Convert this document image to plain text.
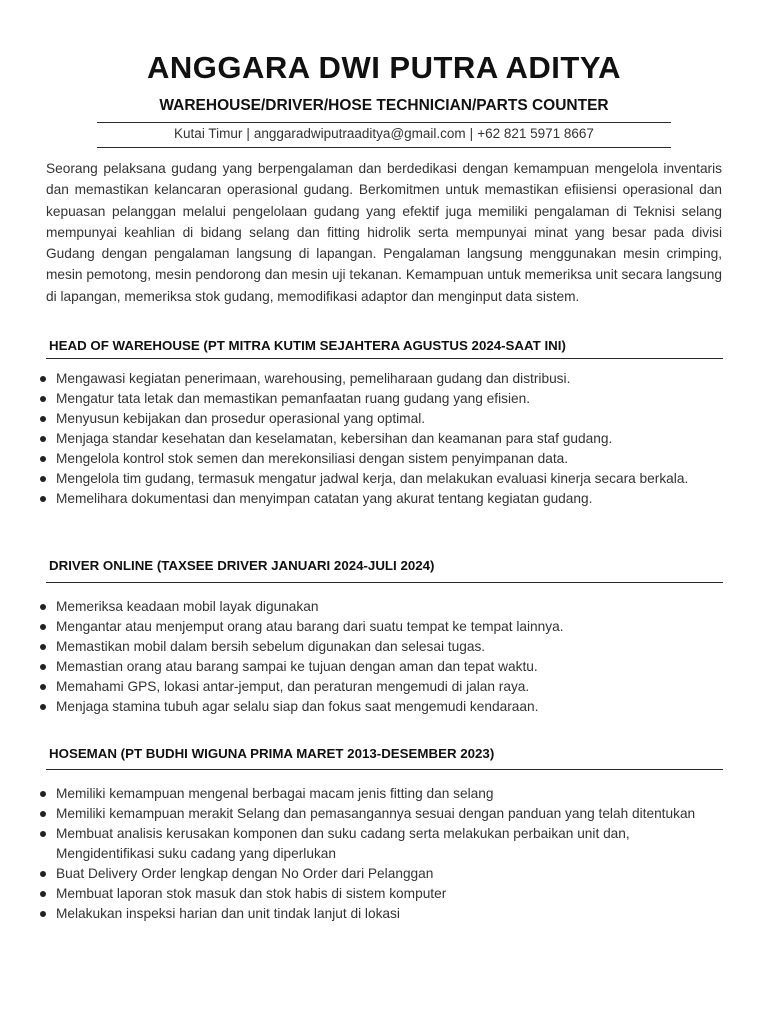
ANGGARA DWI PUTRA ADITYA
WAREHOUSE/DRIVER/HOSE TECHNICIAN/PARTS COUNTER
Kutai Timur | anggaradwiputraaditya@gmail.com | +62 821 5971 8667

Seorang pelaksana gudang yang berpengalaman dan berdedikasi dengan kemampuan mengelola inventaris dan memastikan kelancaran operasional gudang. Berkomitmen untuk memastikan efiisiensi operasional dan kepuasan pelanggan melalui pengelolaan gudang yang efektif juga memiliki pengalaman di Teknisi selang mempunyai keahlian di bidang selang dan fitting hidrolik serta mempunyai minat yang besar pada divisi Gudang dengan pengalaman langsung di lapangan. Pengalaman langsung menggunakan mesin crimping, mesin pemotong, mesin pendorong dan mesin uji tekanan. Kemampuan untuk memeriksa unit secara langsung di lapangan, memeriksa stok gudang, memodifikasi adaptor dan menginput data sistem.

HEAD OF WAREHOUSE (PT MITRA KUTIM SEJAHTERA AGUSTUS 2024-SAAT INI)
Mengawasi kegiatan penerimaan, warehousing, pemeliharaan gudang dan distribusi.
Mengatur tata letak dan memastikan pemanfaatan ruang gudang yang efisien.
Menyusun kebijakan dan prosedur operasional yang optimal.
Menjaga standar kesehatan dan keselamatan, kebersihan dan keamanan para staf gudang.
Mengelola kontrol stok semen dan merekonsiliasi dengan sistem penyimpanan data.
Mengelola tim gudang, termasuk mengatur jadwal kerja, dan melakukan evaluasi kinerja secara berkala.
Memelihara dokumentasi dan menyimpan catatan yang akurat tentang kegiatan gudang.
DRIVER ONLINE (TAXSEE DRIVER JANUARI 2024-JULI 2024)
Memeriksa keadaan mobil layak digunakan
Mengantar atau menjemput orang atau barang dari suatu tempat ke tempat lainnya.
Memastikan mobil dalam bersih sebelum digunakan dan selesai tugas.
Memastian orang atau barang sampai ke tujuan dengan aman dan tepat waktu.
Memahami GPS, lokasi antar-jemput, dan peraturan mengemudi di jalan raya.
Menjaga stamina tubuh agar selalu siap dan fokus saat mengemudi kendaraan.
HOSEMAN (PT BUDHI WIGUNA PRIMA MARET 2013-DESEMBER 2023)
Memiliki kemampuan mengenal berbagai macam jenis fitting dan selang
Memiliki kemampuan merakit Selang dan pemasangannya sesuai dengan panduan yang telah ditentukan
Membuat analisis kerusakan komponen dan suku cadang serta melakukan perbaikan unit dan, Mengidentifikasi suku cadang yang diperlukan
Buat Delivery Order lengkap dengan No Order dari Pelanggan
Membuat laporan stok masuk dan stok habis di sistem komputer
Melakukan inspeksi harian dan unit tindak lanjut di lokasi
